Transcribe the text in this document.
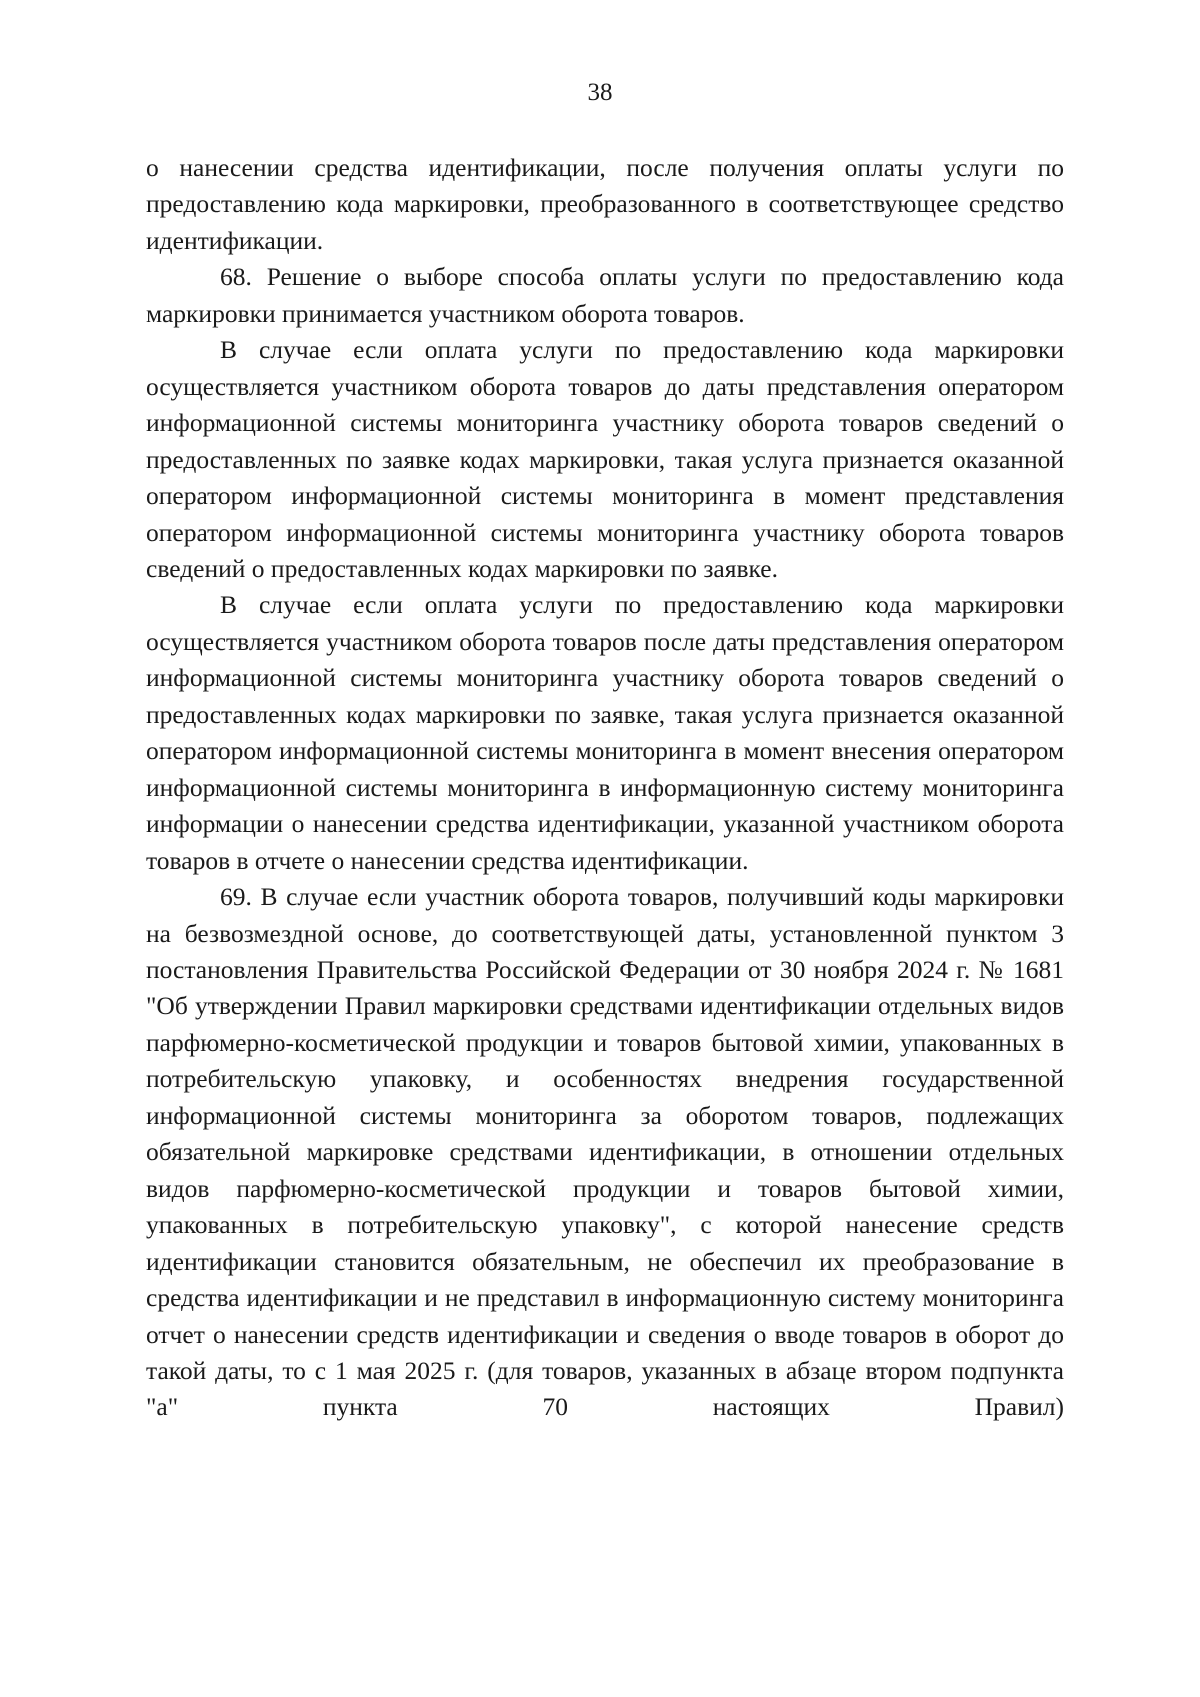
38

о нанесении средства идентификации, после получения оплаты услуги по предоставлению кода маркировки, преобразованного в соответствующее средство идентификации.

68. Решение о выборе способа оплаты услуги по предоставлению кода маркировки принимается участником оборота товаров.

В случае если оплата услуги по предоставлению кода маркировки осуществляется участником оборота товаров до даты представления оператором информационной системы мониторинга участнику оборота товаров сведений о предоставленных по заявке кодах маркировки, такая услуга признается оказанной оператором информационной системы мониторинга в момент представления оператором информационной системы мониторинга участнику оборота товаров сведений о предоставленных кодах маркировки по заявке.

В случае если оплата услуги по предоставлению кода маркировки осуществляется участником оборота товаров после даты представления оператором информационной системы мониторинга участнику оборота товаров сведений о предоставленных кодах маркировки по заявке, такая услуга признается оказанной оператором информационной системы мониторинга в момент внесения оператором информационной системы мониторинга в информационную систему мониторинга информации о нанесении средства идентификации, указанной участником оборота товаров в отчете о нанесении средства идентификации.

69. В случае если участник оборота товаров, получивший коды маркировки на безвозмездной основе, до соответствующей даты, установленной пунктом 3 постановления Правительства Российской Федерации от 30 ноября 2024 г. № 1681 "Об утверждении Правил маркировки средствами идентификации отдельных видов парфюмерно-косметической продукции и товаров бытовой химии, упакованных в потребительскую упаковку, и особенностях внедрения государственной информационной системы мониторинга за оборотом товаров, подлежащих обязательной маркировке средствами идентификации, в отношении отдельных видов парфюмерно-косметической продукции и товаров бытовой химии, упакованных в потребительскую упаковку", с которой нанесение средств идентификации становится обязательным, не обеспечил их преобразование в средства идентификации и не представил в информационную систему мониторинга отчет о нанесении средств идентификации и сведения о вводе товаров в оборот до такой даты, то с 1 мая 2025 г. (для товаров, указанных в абзаце втором подпункта "а" пункта 70 настоящих Правил)
